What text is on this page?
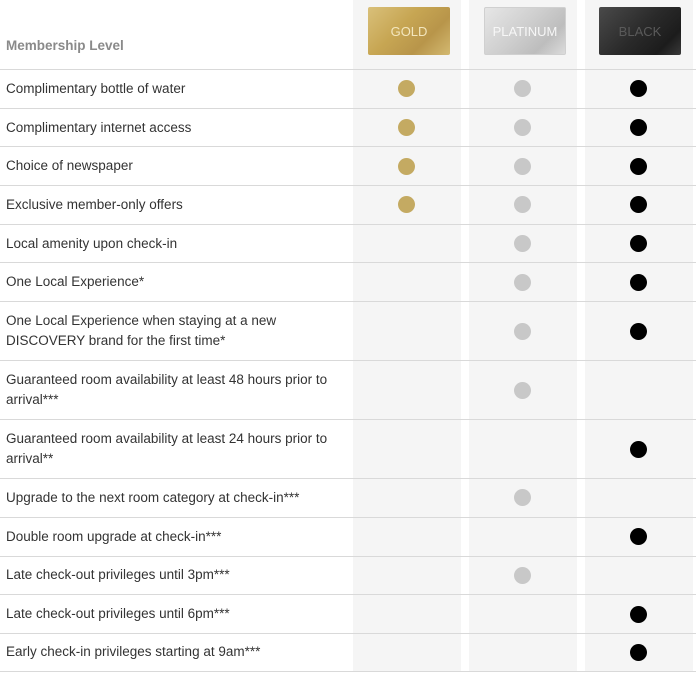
Membership Level
GOLD	PLATINUM	BLACK
Complimentary bottle of water
Complimentary internet access
Choice of newspaper
Exclusive member-only offers
Local amenity upon check-in
One Local Experience*
One Local Experience when staying at a new DISCOVERY brand for the first time*
Guaranteed room availability at least 48 hours prior to arrival***
Guaranteed room availability at least 24 hours prior to arrival**
Upgrade to the next room category at check-in***
Double room upgrade at check-in***
Late check-out privileges until 3pm***
Late check-out privileges until 6pm***
Early check-in privileges starting at 9am***
